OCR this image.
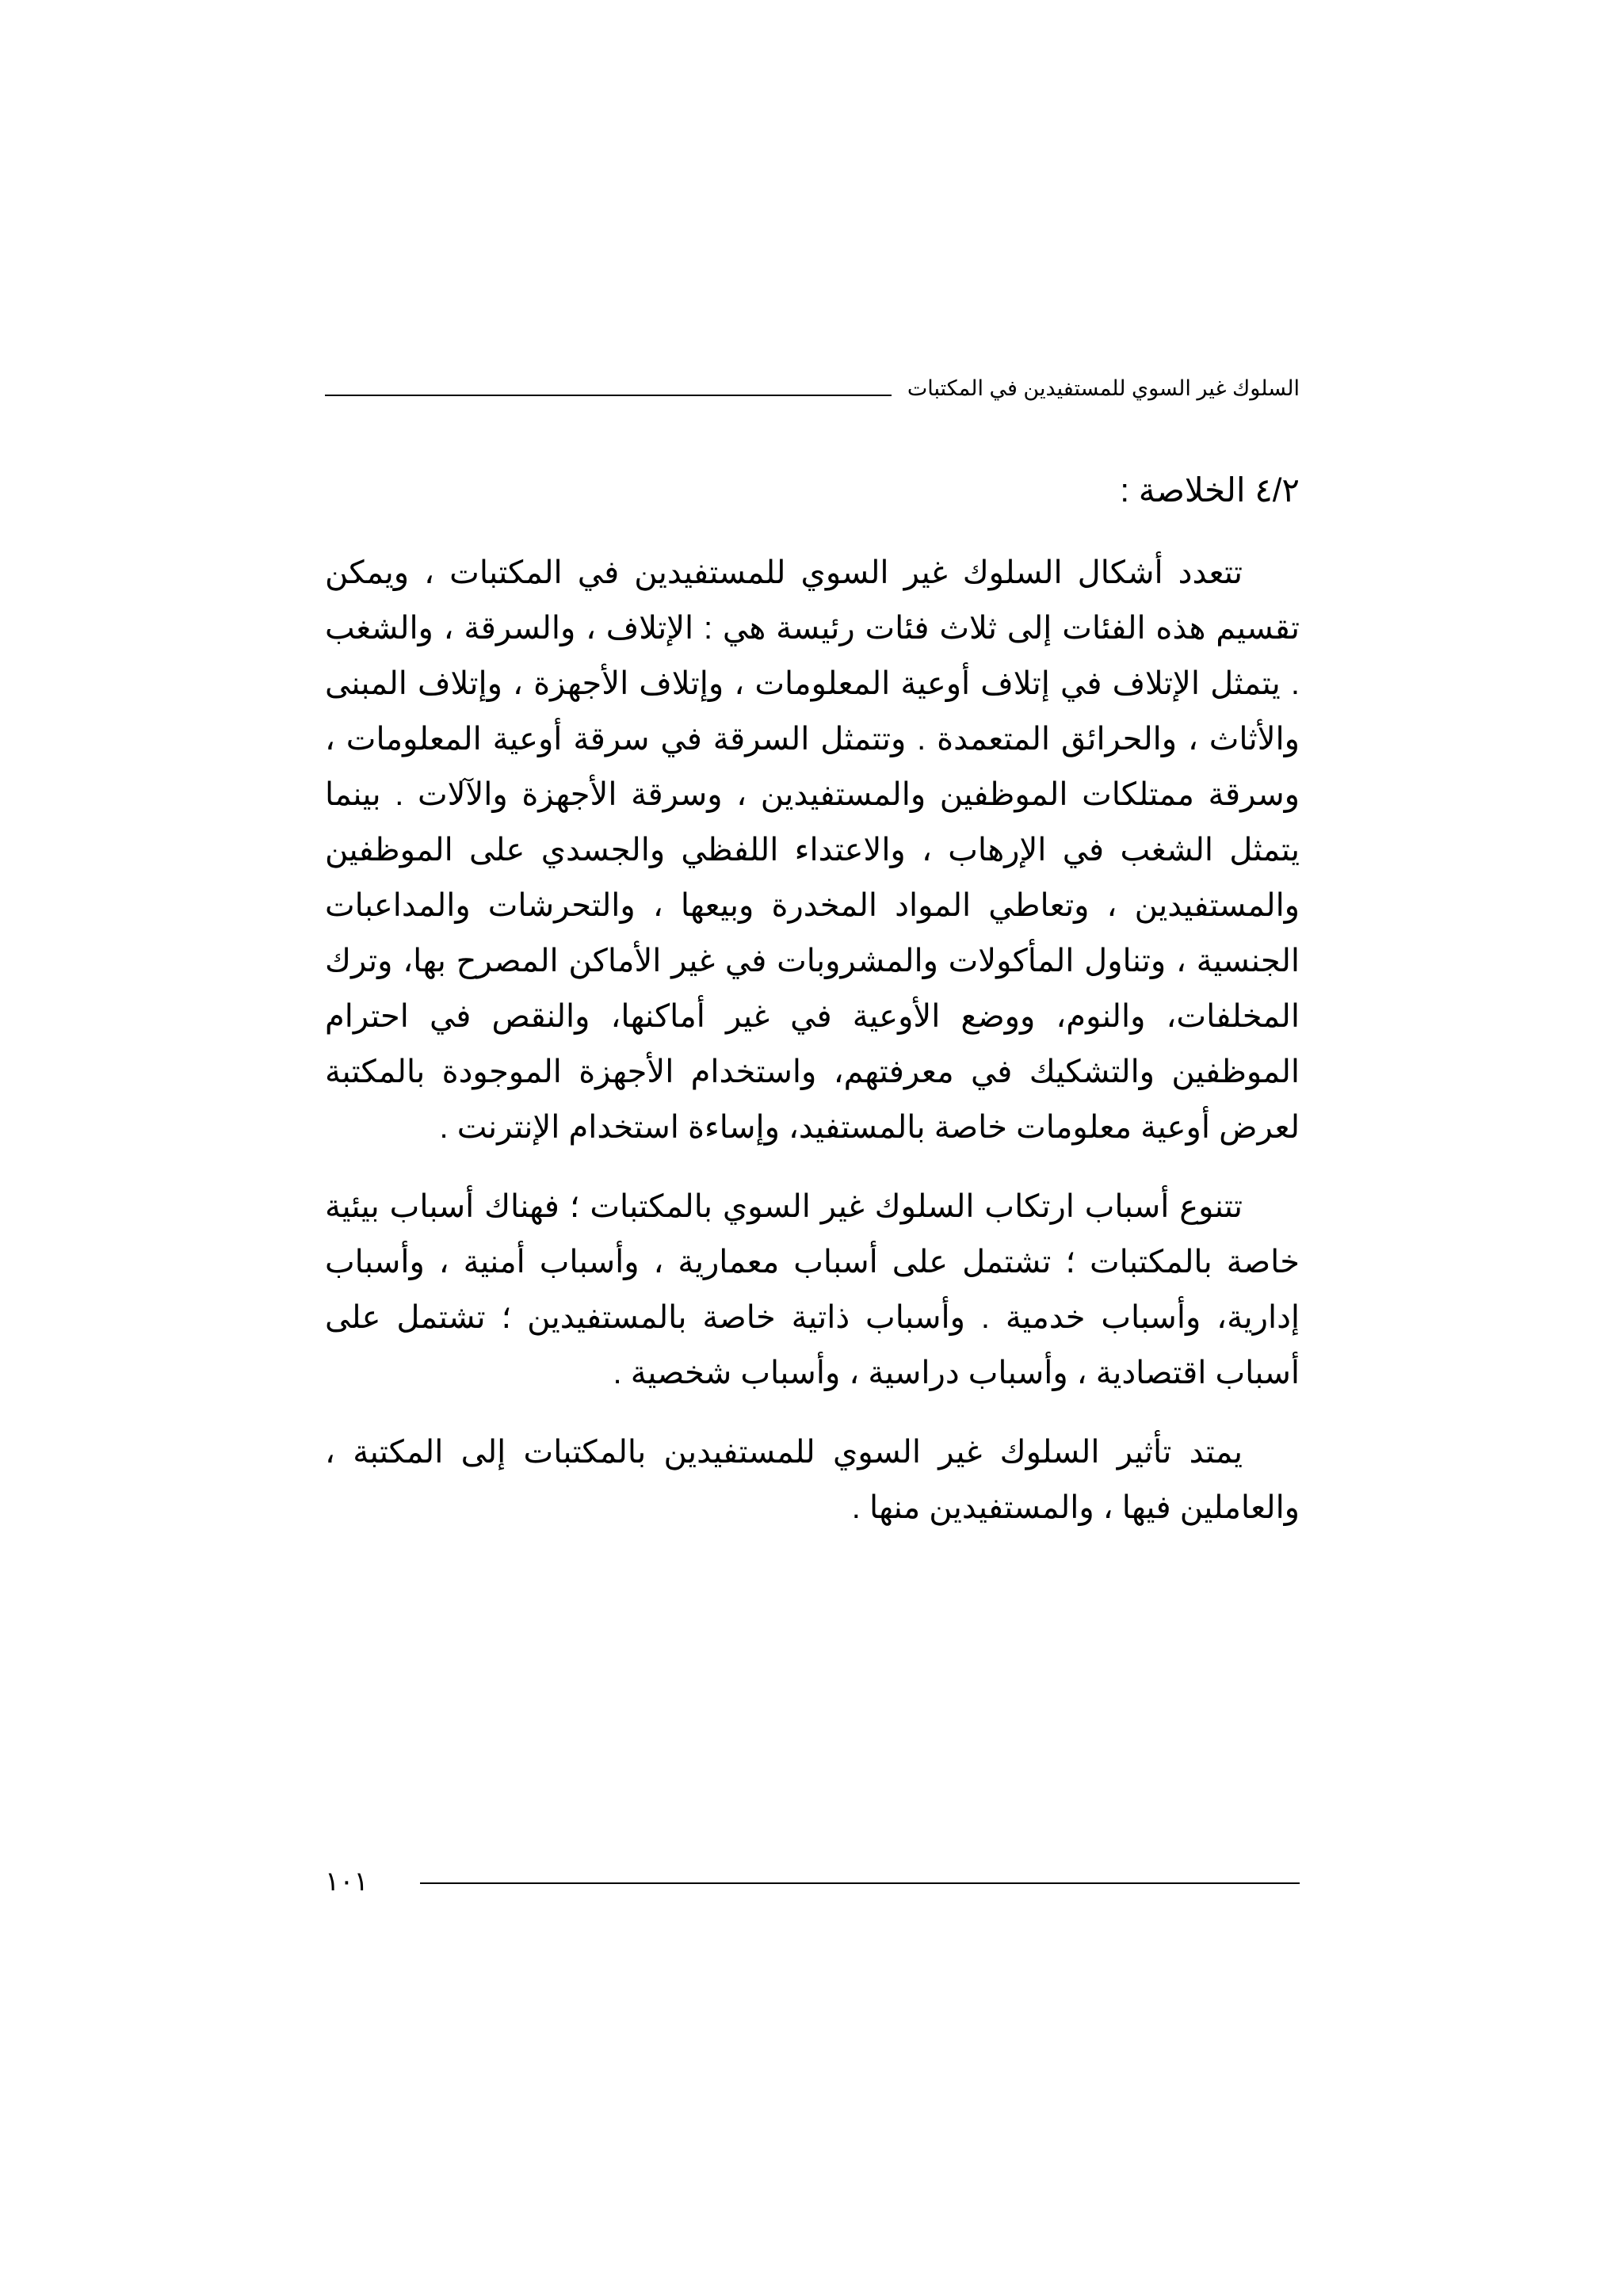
السلوك غير السوي للمستفيدين في المكتبات
٤/٢ الخلاصة :

تتعدد أشكال السلوك غير السوي للمستفيدين في المكتبات ، ويمكن تقسيم هذه الفئات إلى ثلاث فئات رئيسة هي : الإتلاف ، والسرقة ، والشغب . يتمثل الإتلاف في إتلاف أوعية المعلومات ، وإتلاف الأجهزة ، وإتلاف المبنى والأثاث ، والحرائق المتعمدة . وتتمثل السرقة في سرقة أوعية المعلومات ، وسرقة ممتلكات الموظفين والمستفيدين ، وسرقة الأجهزة والآلات . بينما يتمثل الشغب في الإرهاب ، والاعتداء اللفظي والجسدي على الموظفين والمستفيدين ، وتعاطي المواد المخدرة وبيعها ، والتحرشات والمداعبات الجنسية ، وتناول المأكولات والمشروبات في غير الأماكن المصرح بها، وترك المخلفات، والنوم، ووضع الأوعية في غير أماكنها، والنقص في احترام الموظفين والتشكيك في معرفتهم، واستخدام الأجهزة الموجودة بالمكتبة لعرض أوعية معلومات خاصة بالمستفيد، وإساءة استخدام الإنترنت .

تتنوع أسباب ارتكاب السلوك غير السوي بالمكتبات ؛ فهناك أسباب بيئية خاصة بالمكتبات ؛ تشتمل على أسباب معمارية ، وأسباب أمنية ، وأسباب إدارية، وأسباب خدمية . وأسباب ذاتية خاصة بالمستفيدين ؛ تشتمل على أسباب اقتصادية ، وأسباب دراسية ، وأسباب شخصية .

يمتد تأثير السلوك غير السوي للمستفيدين بالمكتبات إلى المكتبة ، والعاملين فيها ، والمستفيدين منها .

١٠١
